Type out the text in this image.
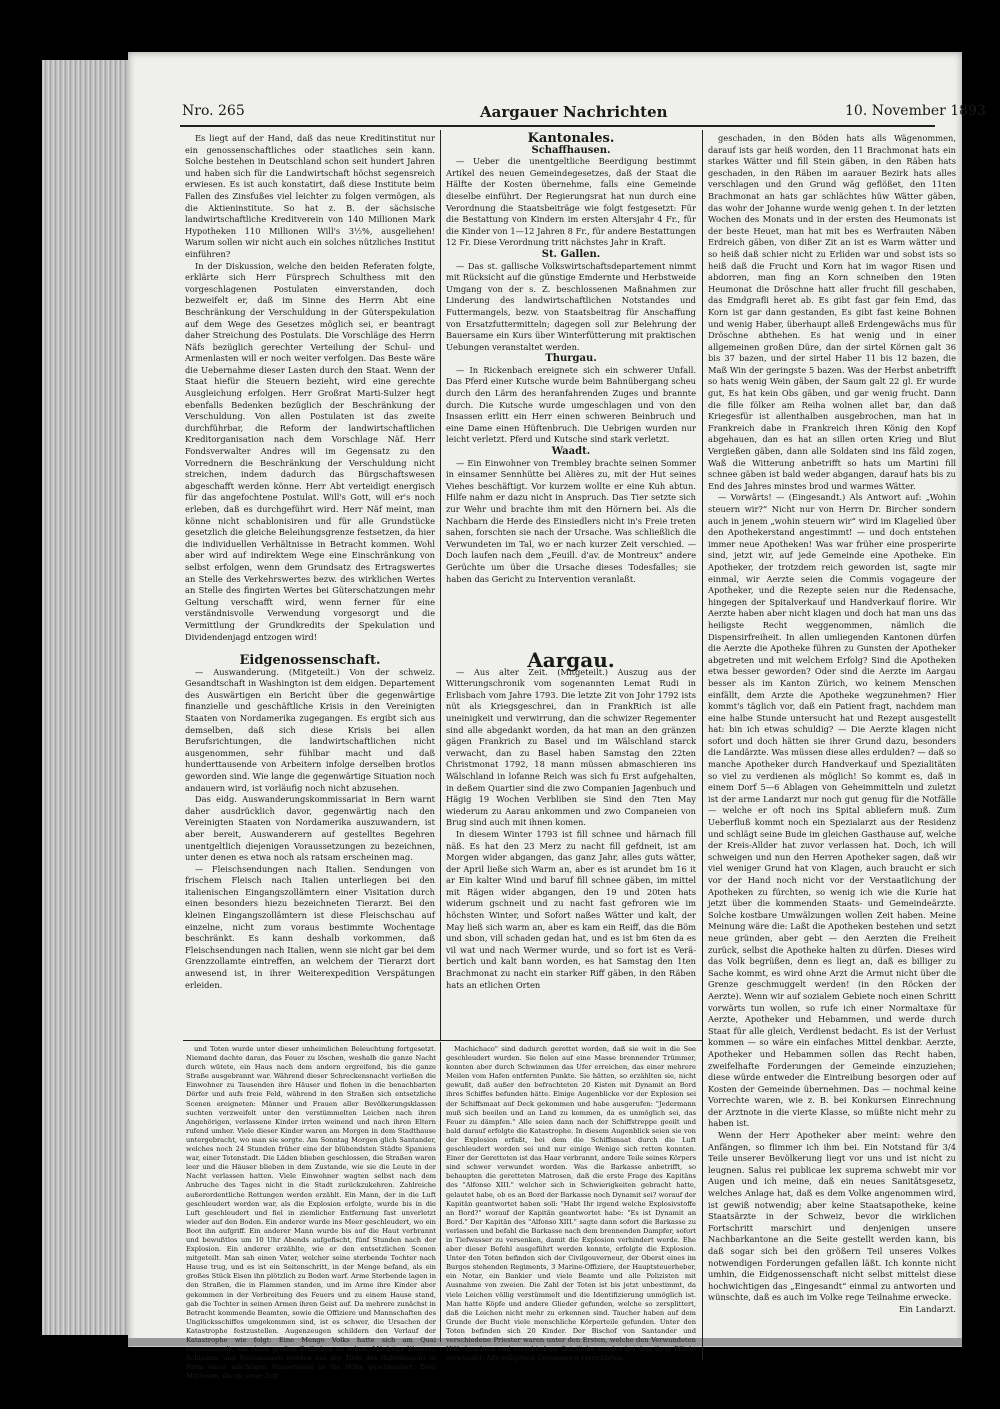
Nro. 265	Aargauer Nachrichten	10. November 1893

Es liegt auf der Hand, daß das neue Kreditinstitut nur ein genossenschaftliches oder staatliches sein kann. Solche bestehen in Deutschland schon seit hundert Jahren und haben sich für die Landwirtschaft höchst segensreich erwiesen. Es ist auch konstatirt, daß diese Institute beim Fallen des Zinsfußes viel leichter zu folgen vermögen, als die Aktieninstitute. So hat z. B. der sächsische landwirtschaftliche Kreditverein von 140 Millionen Mark Hypotheken 110 Millionen Will's 3½%, ausgeliehen! Warum sollen wir nicht auch ein solches nützliches Institut einführen?

In der Diskussion, welche den beiden Referaten folgte, erklärte sich Herr Fürsprech Schulthess mit den vorgeschlagenen Postulaten einverstanden, doch bezweifelt er, daß im Sinne des Herrn Abt eine Beschränkung der Verschuldung in der Güterspekulation auf dem Wege des Gesetzes möglich sei, er beantragt daher Streichung des Postulats. Die Vorschläge des Herrn Näfs bezüglich gerechter Verteilung der Schul- und Armenlasten will er noch weiter verfolgen. Das Beste wäre die Uebernahme dieser Lasten durch den Staat. Wenn der Staat hiefür die Steuern bezieht, wird eine gerechte Ausgleichung erfolgen. Herr Großrat Marti-Sulzer hegt ebenfalls Bedenken bezüglich der Beschränkung der Verschuldung. Von allen Postulaten ist das zweite durchführbar, die Reform der landwirtschaftlichen Kreditorganisation nach dem Vorschlage Näf. Herr Fondsverwalter Andres will im Gegensatz zu den Vorrednern die Beschränkung der Verschuldung nicht streichen, indem dadurch das Bürgschaftswesen abgeschafft werden könne. Herr Abt verteidigt energisch für das angefochtene Postulat. Will's Gott, will er's noch erleben, daß es durchgeführt wird. Herr Näf meint, man könne nicht schablonisiren und für alle Grundstücke gesetzlich die gleiche Beleihungsgrenze festsetzen, da hier die individuellen Verhältnisse in Betracht kommen. Wohl aber wird auf indirektem Wege eine Einschränkung von selbst erfolgen, wenn dem Grundsatz des Ertragswertes an Stelle des Verkehrswertes bezw. des wirklichen Wertes an Stelle des fingirten Wertes bei Güterschatzungen mehr Geltung verschafft wird, wenn ferner für eine verständnisvolle Verwendung vorgesorgt und die Vermittlung der Grundkredits der Spekulation und Dividendenjagd entzogen wird!

Eidgenossenschaft.

— Auswanderung. (Mitgeteilt.) Von der schweiz. Gesandtschaft in Washington ist dem eidgen. Departement des Auswärtigen ein Bericht über die gegenwärtige finanzielle und geschäftliche Krisis in den Vereinigten Staaten von Nordamerika zugegangen. Es ergibt sich aus demselben, daß sich diese Krisis bei allen Berufsrichtungen, die landwirtschaftlichen nicht ausgenommen, sehr fühlbar macht und daß hunderttausende von Arbeitern infolge derselben brotlos geworden sind. Wie lange die gegenwärtige Situation noch andauern wird, ist vorläufig noch nicht abzusehen.

Das eidg. Auswanderungskommissariat in Bern warnt daher ausdrücklich davor, gegenwärtig nach den Vereinigten Staaten von Nordamerika auszuwandern, ist aber bereit, Auswanderern auf gestelltes Begehren unentgeltlich diejenigen Voraussetzungen zu bezeichnen, unter denen es etwa noch als ratsam erscheinen mag.

— Fleischsendungen nach Italien. Sendungen von frischem Fleisch nach Italien unterliegen bei den italienischen Eingangszollämtern einer Visitation durch einen besonders hiezu bezeichneten Tierarzt. Bei den kleinen Eingangszollämtern ist diese Fleischschau auf einzelne, nicht zum voraus bestimmte Wochentage beschränkt. Es kann deshalb vorkommen, daß Fleischsendungen nach Italien, wenn sie nicht gar bei dem Grenzzollamte eintreffen, an welchem der Tierarzt dort anwesend ist, in ihrer Weiterexpedition Verspätungen erleiden.

Kantonales.

Schaffhausen.

— Ueber die unentgeltliche Beerdigung bestimmt Artikel des neuen Gemeindegesetzes, daß der Staat die Hälfte der Kosten übernehme, falls eine Gemeinde dieselbe einführt. Der Regierungsrat hat nun durch eine Verordnung die Staatsbeiträge wie folgt festgesetzt: Für die Bestattung von Kindern im ersten Altersjahr 4 Fr., für die Kinder von 1—12 Jahren 8 Fr., für andere Bestattungen 12 Fr. Diese Verordnung tritt nächstes Jahr in Kraft.

St. Gallen.

— Das st. gallische Volkswirtschaftsdepartement nimmt mit Rücksicht auf die günstige Emdernte und Herbstweide Umgang von der s. Z. beschlossenen Maßnahmen zur Linderung des landwirtschaftlichen Notstandes und Futtermangels, bezw. von Staatsbeitrag für Anschaffung von Ersatzfuttermitteln; dagegen soll zur Belehrung der Bauersame ein Kurs über Winterfütterung mit praktischen Uebungen veranstaltet werden.

Thurgau.

— In Rickenbach ereignete sich ein schwerer Unfall. Das Pferd einer Kutsche wurde beim Bahnübergang scheu durch den Lärm des heranfahrenden Zuges und brannte durch. Die Kutsche wurde umgeschlagen und von den Insassen erlitt ein Herr einen schweren Beinbruch und eine Dame einen Hüftenbruch. Die Uebrigen wurden nur leicht verletzt. Pferd und Kutsche sind stark verletzt.

Waadt.

— Ein Einwohner von Trembley brachte seinen Sommer in einsamer Sennhütte bei Alières zu, mit der Hut seines Viehes beschäftigt. Vor kurzem wollte er eine Kuh abtun. Hilfe nahm er dazu nicht in Anspruch. Das Tier setzte sich zur Wehr und brachte ihm mit den Hörnern bei. Als die Nachbarn die Herde des Einsiedlers nicht in's Freie treten sahen, forschten sie nach der Ursache. Was schließlich die Verwundeten im Tal, wo er nach kurzer Zeit verschied. — Doch laufen nach dem „Feuill. d'av. de Montreux“ andere Gerüchte um über die Ursache dieses Todesfalles; sie haben das Gericht zu Intervention veranlaßt.

Aargau.

— Aus alter Zeit. (Mitgeteilt.) Auszug aus der Witterungschronik vom sogenannten Lemat Rudi in Erlisbach vom Jahre 1793. Die letzte Zit von Johr 1792 ists nüt als Kriegsgeschrei, dan in FrankRich ist alle uneinigkeit und verwirrung, dan die schwizer Regementer sind alle abgedankt worden, da hat man an den gränzen gägen Frankrich zu Basel und im Wälschland starck verwacht, dan zu Basel haben Samstag den 22ten Christmonat 1792, 18 mann müssen abmaschieren ins Wälschland in lofanne Reich was sich fu Erst aufgehalten, in deßem Quartier sind die zwo Companien Jagenbuch und Hägig 19 Wochen Verbliben sie Sind den 7ten May wiederum zu Aarau ankommen und zwo Companeien von Brug sind auch mit ihnen komen.

In diesem Winter 1793 ist fill schnee und härnach fill näß. Es hat den 23 Merz zu nacht fill gefdneit, ist am Morgen wider abgangen, das ganz Jahr, alles guts wätter, der April ließe sich Warm an, aber es ist arundet bm 16 it ar Ein kalter Wind und baruf fill schnee gäben, im mittel mit Rägen wider abgangen, den 19 und 20ten hats widerum gschneit und zu nacht fast gefroren wie im höchsten Winter, und Sofort naßes Wätter und kalt, der May ließ sich warm an, aber es kam ein Reiff, das die Böm und sbon, vill schaden gedan hat, und es ist bm 6ten da es vil wat und nach Wermer wurde, und so fort ist es Verä-bertich und kalt bann worden, es hat Samstag den 1ten Brachmonat zu nacht ein starker Riff gäben, in den Räben hats an etlichen Orten

geschaden, in den Böden hats alls Wägenommen, darauf ists gar heiß worden, den 11 Brachmonat hats ein starkes Wätter und fill Stein gäben, in den Räben hats geschaden, in den Räben im aarauer Bezirk hats alles verschlagen und den Grund wäg geflößet, den 11ten Brachmonat an hats gar schlächtes hüw Wätter gäben, das wohr der Johanne wurde wenig gehen t. In der letzten Wochen des Monats und in der ersten des Heumonats ist der beste Heuet, man hat mit bes es Werfrauten Näben Erdreich gäben, von dißer Zit an ist es Warm wätter und so heiß daß schier nicht zu Erliden war und sobst ists so heiß daß die Frucht und Korn hat im wagor Risen und abdorren, man fing an Korn schneiben den 19ten Heumonat die Dröschne hatt aller frucht fill geschaben, das Emdgrafli heret ab. Es gibt fast gar fein Emd, das Korn ist gar dann gestanden, Es gibt fast keine Bohnen und wenig Haber, überhaupt alleß Erdengewächs mus für Dröschne abthehen. Es hat wenig und in einer allgemeinen großen Düre, dan der sirtel Körnen galt 36 bis 37 bazen, und der sirtel Haber 11 bis 12 bazen, die Maß Win der geringste 5 bazen. Was der Herbst anbetrifft so hats wenig Wein gäben, der Saum galt 22 gl. Er wurde gut, Es hat kein Obs gäben, und gar wenig frucht. Dann die fille fölker am Reiha wolnen allet bar, dan daß Kriegesfür ist allenthalben ausgebrochen, man hat in Frankreich dabe in Frankreich ihren König den Kopf abgehauen, dan es hat an sillen orten Krieg und Blut Vergießen gäben, dann alle Soldaten sind ins fäld zogen, Waß die Witterung anbetrifft so hats um Martini fill schnee gäben ist bald weder abgangen, darauf hats bis zu End des Jahres minstes brod und warmes Wätter.

— Vorwärts! — (Eingesandt.) Als Antwort auf: „Wohin steuern wir?“ Nicht nur von Herrn Dr. Bircher sondern auch in jenem „wohin steuern wir“ wird im Klagelied über den Apothekerstand angestimmt! — und doch entstehen immer neue Apotheken! Was war früher eine prosperirte sind, jetzt wir, auf jede Gemeinde eine Apotheke. Ein Apotheker, der trotzdem reich geworden ist, sagte mir einmal, wir Aerzte seien die Commis vogageure der Apotheker, und die Rezepte seien nur die Redensache, hingegen der Spitalverkauf und Handverkauf florire. Wir Aerzte haben aber nicht klagen und doch hat man uns das heiligste Recht weggenommen, nämlich die Dispensirfreiheit. In allen umliegenden Kantonen dürfen die Aerzte die Apotheke führen zu Gunsten der Apotheker abgetreten und mit welchem Erfolg? Sind die Apotheken etwa besser geworden? Oder sind die Aerzte im Aargau besser als im Kanton Zürich, wo keinem Menschen einfällt, dem Arzte die Apotheke wegzunehmen? Hier kommt's täglich vor, daß ein Patient fragt, nachdem man eine halbe Stunde untersucht hat und Rezept ausgestellt hat: bin ich etwas schuldig? — Die Aerzte klagen nicht sofort und doch hätten sie ihrer Grund dazu, besonders die Landärzte. Was müssen diese alles erdulden? — daß so manche Apotheker durch Handverkauf und Spezialitäten so viel zu verdienen als möglich! So kommt es, daß in einem Dorf 5—6 Ablagen von Geheimmitteln und zuletzt ist der arme Landarzt nur noch gut genug für die Notfälle — welche er oft noch ins Spital abliefern muß. Zum Ueberfluß kommt noch ein Spezialarzt aus der Residenz und schlägt seine Bude im gleichen Gasthause auf, welche der Kreis-Allder hat zuvor verlassen hat. Doch, ich will schweigen und nun den Herren Apotheker sagen, daß wir viel weniger Grund hat von Klagen, auch braucht er sich vor der Hand noch nicht vor der Verstaatlichung der Apotheken zu fürchten, so wenig ich wie die Kurie hat jetzt über die kommenden Staats- und Gemeindeärzte. Solche kostbare Umwälzungen wollen Zeit haben. Meine Meinung wäre die: Laßt die Apotheken bestehen und setzt neue gründen, aber gebt — den Aerzten die Freiheit zurück, selbst die Apotheke halten zu dürfen. Dieses wird das Volk begrüßen, denn es liegt an, daß es billiger zu Sache kommt, es wird ohne Arzt die Armut nicht über die Grenze geschmuggelt werden! (in den Röcken der Aerzte). Wenn wir auf sozialem Gebiete noch einen Schritt vorwärts tun wollen, so rufe ich einer Normaltaxe für Aerzte, Apotheker und Hebammen, und werde durch Staat für alle gleich, Verdienst bedacht. Es ist der Verlust kommen — so wäre ein einfaches Mittel denkbar. Aerzte, Apotheker und Hebammen sollen das Recht haben, zweifelhafte Forderungen der Gemeinde einzuziehen; diese würde entweder die Eintreibung besorgen oder auf Kosten der Gemeinde übernehmen. Das — nochmal keine Vorrechte waren, wie z. B. bei Konkursen Einrechnung der Arztnote in die vierte Klasse, so müßte nicht mehr zu haben ist.

Wenn der Herr Apotheker aber meint: wehre den Anfängen, so flimmer ich ihm bei. Ein Notstand für 3/4 Teile unserer Bevölkerung liegt vor uns und ist nicht zu leugnen. Salus rei publicae lex suprema schwebt mir vor Augen und ich meine, daß ein neues Sanitätsgesetz, welches Anlage hat, daß es dem Volke angenommen wird, ist gewiß notwendig; aber keine Staatsapotheke, keine Staatsärzte in der Schweiz, bevor die wirklichen Fortschritt marschirt und denjenigen unsere Nachbarkantone an die Seite gestellt werden kann, bis daß sogar sich bei den größern Teil unseres Volkes notwendigen Forderungen gefallen läßt. Ich konnte nicht umhin, die Eidgenossenschaft nicht selbst mittelst diese hochwichtigen das „Eingesandt“ einmal zu antworten und wünschte, daß es auch im Volke rege Teilnahme erwecke.

Ein Landarzt.

und Toten wurde unter dieser unheimlichen Beleuchtung fortgesetzt. Niemand dachte daran, das Feuer zu löschen, weshalb die ganze Nacht durch wütete, ein Haus nach dem andern ergreifend, bis die ganze Straße ausgebrannt war. Während dieser Schreckensnacht verließen die Einwohner zu Tausenden ihre Häuser und flohen in die benachbarten Dörfer und aufs freie Feld, während in den Straßen sich entsetzliche Scenen ereigneten: Männer und Frauen aller Bevölkerungsklassen suchten verzweifelt unter den verstümmelten Leichen nach ihren Angehörigen, verlassene Kinder irrten weinend und nach ihren Eltern rufend umher. Viele dieser Kinder waren am Morgen in dem Stadthause untergebracht, wo man sie sorgte. Am Sonntag Morgen glich Santander, welches noch 24 Stunden früher eine der blühendsten Städte Spaniens war, einer Totenstadt. Die Läden blieben geschlossen, die Straßen waren leer und die Häuser blieben in dem Zustande, wie sie die Leute in der Nacht verlassen hatten. Viele Einwohner wagten selbst nach dem Anbruche des Tages nicht in die Stadt zurückzukehren. Zahlreiche außerordentliche Rettungen werden erzählt. Ein Mann, der in die Luft geschleudert worden war, als die Explosion erfolgte, wurde bis in die Luft geschleudert und fiel in ziemlicher Entfernung fast unverletzt wieder auf den Boden. Ein anderer wurde ins Meer geschleudert, wo ein Boot ihn aufgriff. Ein anderer Mann wurde bis auf die Haut verbrannt und bewußtlos um 10 Uhr Abends aufgefischt, fünf Stunden nach der Explosion. Ein anderer erzählte, wie er den entsetzlichen Scenen mitgeteilt. Man sah einen Vater, welcher seine sterbende Tochter nach Hause trug, und es ist ein Seitenschritt, in der Menge befand, als ein großes Stück Eisen ihn plötzlich zu Boden warf. Arme Sterbende lagen in den Straßen, die in Flammen standen, und im Arme ihre Kinder aber gekommen in der Verbreitung des Feuers und zu einem Hause stand, gab die Tochter in seinen Armen ihren Geist auf. Da mehrere zunächst in Betracht kommende Beamten, sowie die Offiziere und Mannschaften des Unglücksschiffes umgekommen sind, ist es schwer, die Ursachen der Katastrophe festzustellen. Augenzeugen schildern den Verlauf der Katastrophe wie folgt: Eine Menge Volks hatte sich am Quai angesammelt, um einen großen Erdbeben zu sehen. Mächtige Wasser-, Schlamm- und Steinmassen wurden aus der Tiefe des Hafenbassins in Form einer mächtigen Wassersäule in die Höhe geschleudert. Zwei Matrosen, die zu jener Zeit

Machichaco" sind dadurch gerettet worden, daß sie weit in die See geschleudert wurden. Sie fielen auf eine Masse brennender Trümmer, konnten aber durch Schwimmen das Ufer erreichen, das einer mehrere Meilen vom Hafen entfernten Punkte. Sie hätten, so erzählten sie, nicht gewußt, daß außer den befrachteten 20 Kisten mit Dynamit an Bord ihres Schiffes befunden hätte. Einige Augenblicke vor der Explosion sei der Schiffsmaat auf Deck gekommen und habe ausgerufen: "Jedermann muß sich beeilen und an Land zu kommen, da es unmöglich sei, das Feuer zu dämpfen." Alle seien dann nach der Schiffstreppe geeilt und bald darauf erfolgte die Katastrophe. In diesem Augenblick seien sie von der Explosion erfaßt, bei dem die Schiffsmaat durch die Luft geschleudert worden sei und nur einige Wenige sich retten konnten. Einer der Geretteten ist das Haar verbrannt, andere Teile seines Körpers sind schwer verwundet worden. Was die Barkasse anbetrifft, so behaupten die geretteten Matrosen, daß die erste Frage des Kapitäns des "Alfonso XIII." welcher sich in Schwierigkeiten gebracht hatte, gelautet habe, ob es an Bord der Barkasse noch Dynamit sei? worauf der Kapitän geantwortet haben soll: "Habt Ihr irgend welche Explosivstoffe an Bord?" worauf der Kapitän geantwortet habe: "Es ist Dynamit an Bord." Der Kapitän des "Alfonso XIII." sagte dann sofort die Barkasse zu verlassen und befahl die Barkasse nach dem brennenden Dampfer, sofort in Tiefwasser zu versenken, damit die Explosion verhindert werde. Ehe aber dieser Befehl ausgeführt werden konnte, erfolgte die Explosion. Unter den Toten befinden sich der Civilgouverneur, der Oberst eines im Burgos stehenden Regiments, 3 Marine-Offiziere, der Hauptsteuerheber, ein Notar, ein Bankier und viele Beamte und alle Polizisten mit Ausnahme von zweien. Die Zahl der Toten ist bis jetzt unbestimmt, da viele Leichen völlig verstümmelt und die Identifizierung unmöglich ist. Man hatte Köpfe und andere Glieder gefunden, welche so zersplittert, daß die Leichen nicht mehr zu erkennen sind. Taucher haben auf dem Grunde der Bucht viele menschliche Körperteile gefunden. Unter den Toten befinden sich 20 Kinder. Der Bischof von Santander und verschiedene Priester waren unter den Ersten, welche den Verwundeten Hilfe brachten und verschiedene Geistliche wurden bei dem ihrer Pflicht verwundet. Alle religiösen Ceremonien verrichteten.
